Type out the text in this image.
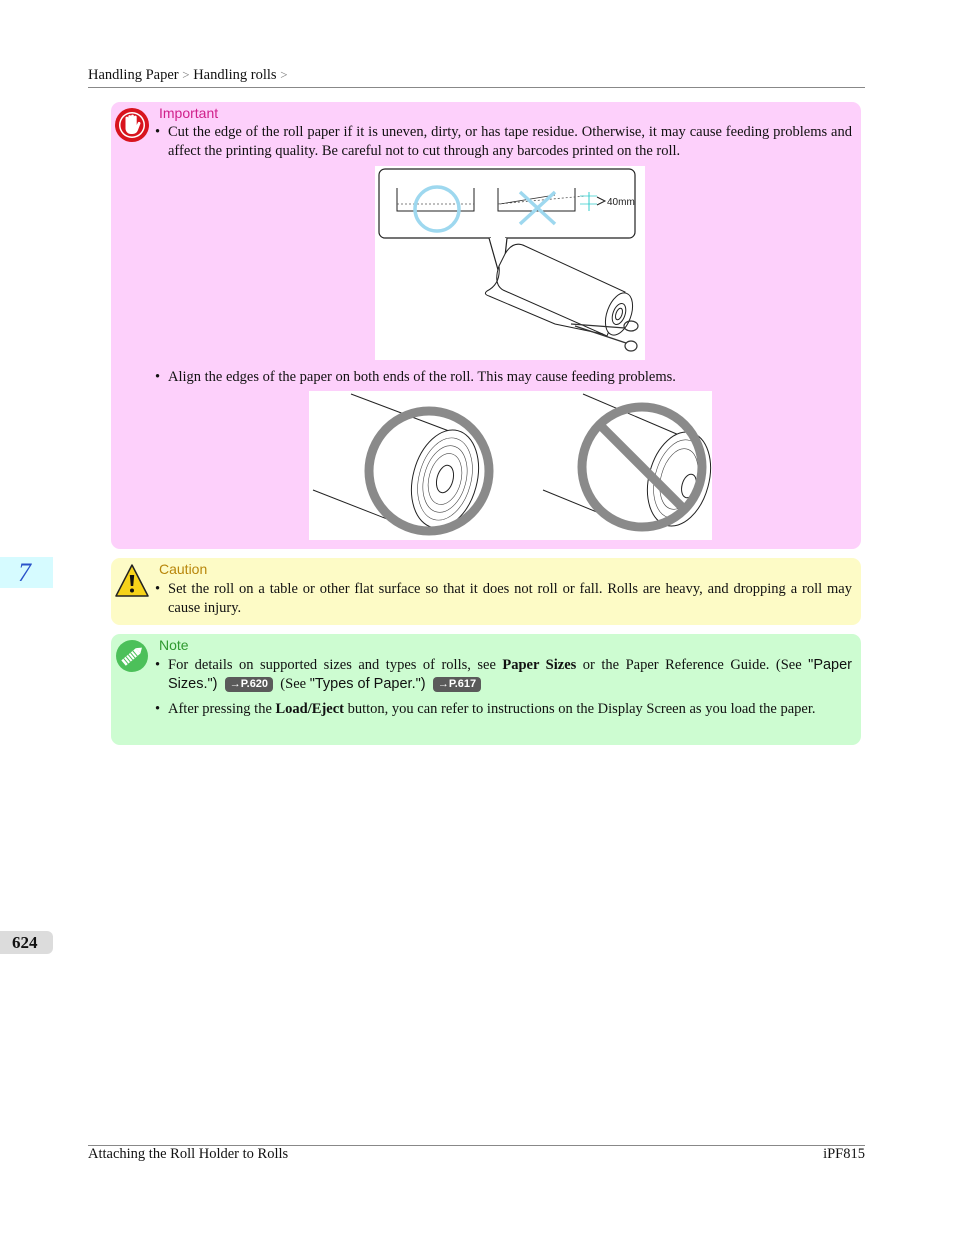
Handling Paper > Handling rolls >
Important
• Cut the edge of the roll paper if it is uneven, dirty, or has tape residue. Otherwise, it may cause feeding problems and affect the printing quality. Be careful not to cut through any barcodes printed on the roll.
40mm
• Align the edges of the paper on both ends of the roll. This may cause feeding problems.
7	Caution
• Set the roll on a table or other flat surface so that it does not roll or fall. Rolls are heavy, and dropping a roll may cause injury.
Note
• For details on supported sizes and types of rolls, see Paper Sizes or the Paper Reference Guide. (See "Paper Sizes.") →P.620 (See "Types of Paper.") →P.617
• After pressing the Load/Eject button, you can refer to instructions on the Display Screen as you load the paper.
624
Attaching the Roll Holder to Rolls	iPF815
